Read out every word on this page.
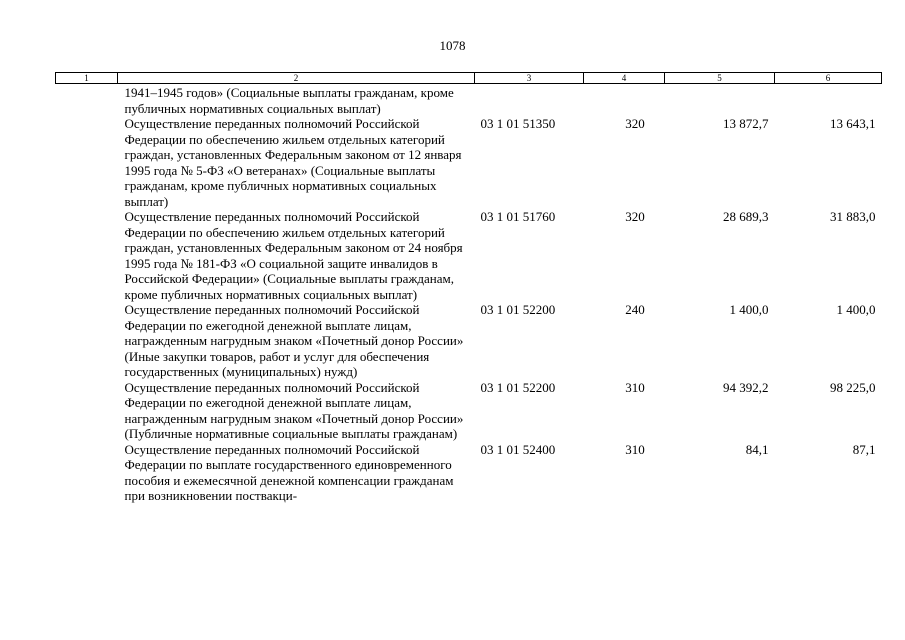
1078
1	2	3	4	5	6
	1941–1945 годов» (Социальные выплаты гражданам, кроме публичных нормативных социальных выплат)				
	Осуществление переданных полномочий Российской Федерации по обеспечению жильем отдельных категорий граждан, установленных Федеральным законом от 12 января 1995 года № 5-ФЗ «О ветеранах» (Социальные выплаты гражданам, кроме публичных нормативных социальных выплат)	03 1 01 51350	320	13 872,7	13 643,1
	Осуществление переданных полномочий Российской Федерации по обеспечению жильем отдельных категорий граждан, установленных Федеральным законом от 24 ноября 1995 года № 181-ФЗ «О социальной защите инвалидов в Российской Федерации» (Социальные выплаты гражданам, кроме публичных нормативных социальных выплат)	03 1 01 51760	320	28 689,3	31 883,0
	Осуществление переданных полномочий Российской Федерации по ежегодной денежной выплате лицам, награжденным нагрудным знаком «Почетный донор России» (Иные закупки товаров, работ и услуг для обеспечения государственных (муниципальных) нужд)	03 1 01 52200	240	1 400,0	1 400,0
	Осуществление переданных полномочий Российской Федерации по ежегодной денежной выплате лицам, награжденным нагрудным знаком «Почетный донор России» (Публичные нормативные социальные выплаты гражданам)	03 1 01 52200	310	94 392,2	98 225,0
	Осуществление переданных полномочий Российской Федерации по выплате государственного единовременного пособия и ежемесячной денежной компенсации гражданам при возникновении поствакци-	03 1 01 52400	310	84,1	87,1
